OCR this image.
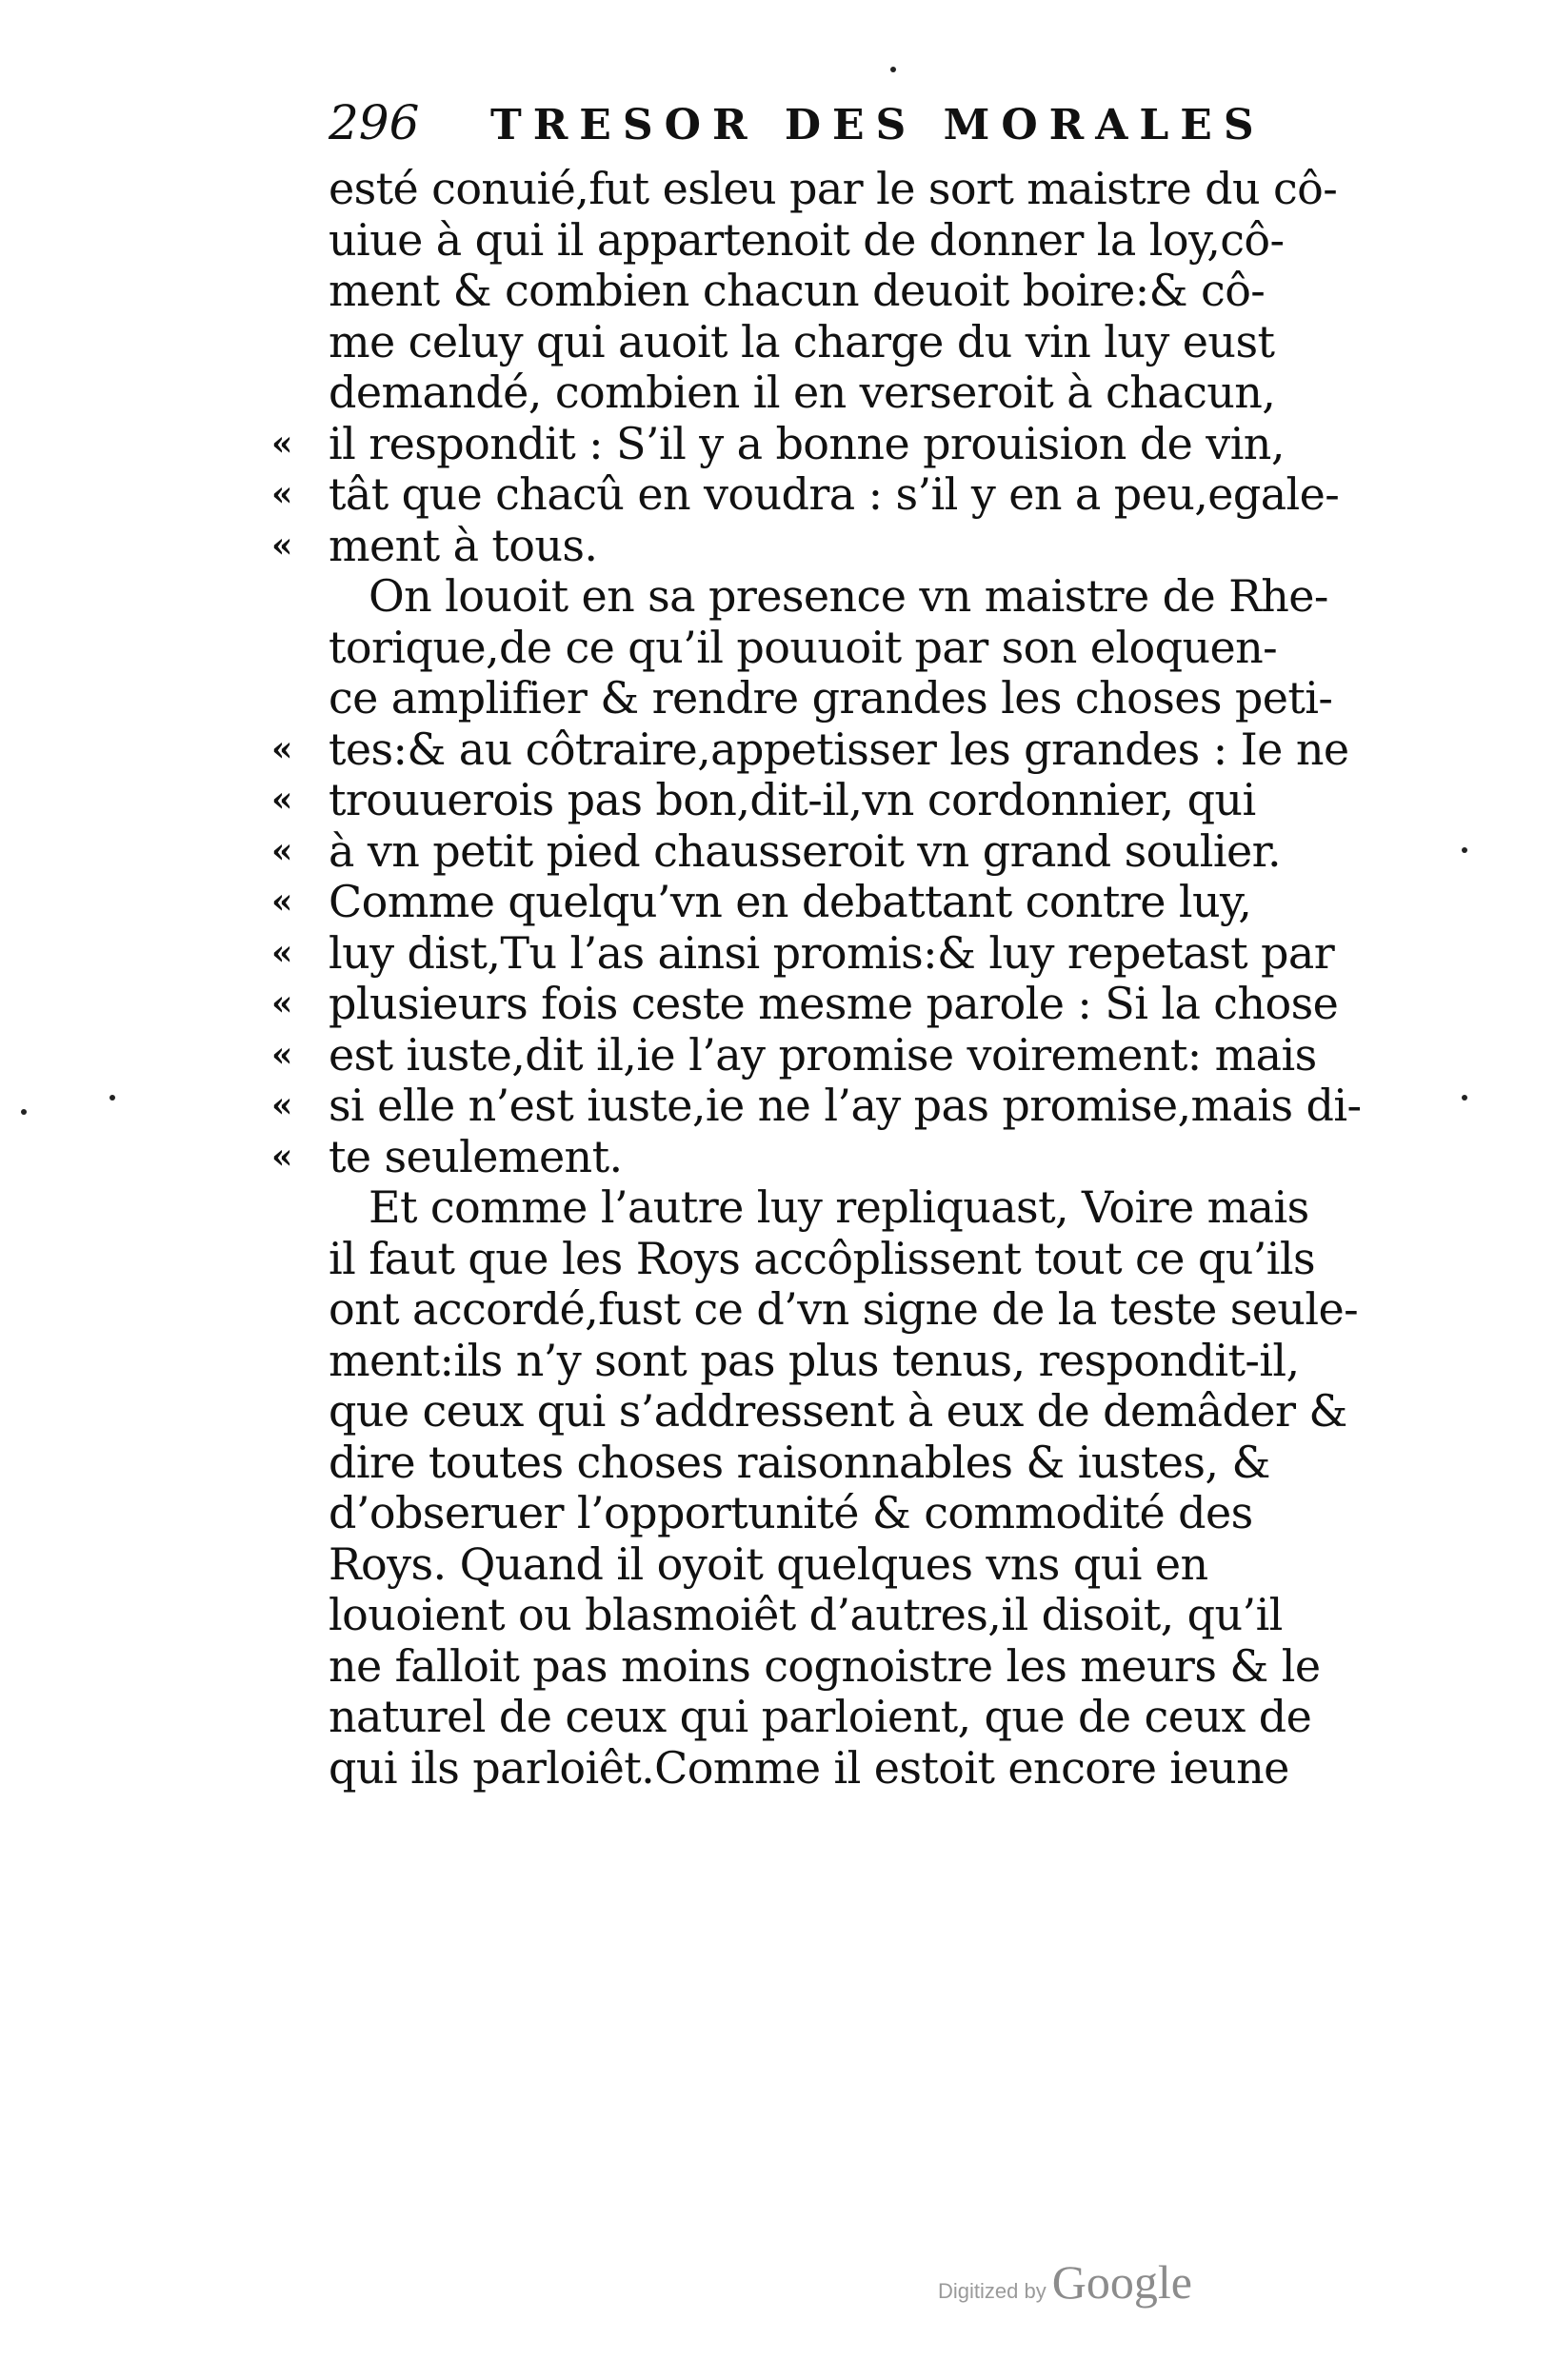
296	TRESOR DES MORALES
esté conuié,fut esleu par le sort maistre du cô-
uiue à qui il appartenoit de donner la loy,cô-
ment & combien chacun deuoit boire:& cô-
me celuy qui auoit la charge du vin luy eust
demandé, combien il en verseroit à chacun,
« il respondit : S’il y a bonne prouision de vin,
« tât que chacû en voudra : s’il y en a peu,egale-
« ment à tous.
On louoit en sa presence vn maistre de Rhe-
torique,de ce qu’il pouuoit par son eloquen-
ce amplifier & rendre grandes les choses peti-
« tes:& au côtraire,appetisser les grandes : Ie ne
« trouuerois pas bon,dit-il,vn cordonnier, qui
« à vn petit pied chausseroit vn grand soulier.
« Comme quelqu’vn en debattant contre luy,
« luy dist,Tu l’as ainsi promis:& luy repetast par
« plusieurs fois ceste mesme parole : Si la chose
« est iuste,dit il,ie l’ay promise voirement: mais
« si elle n’est iuste,ie ne l’ay pas promise,mais di-
« te seulement.
Et comme l’autre luy repliquast, Voire mais
il faut que les Roys accôplissent tout ce qu’ils
ont accordé,fust ce d’vn signe de la teste seule-
ment:ils n’y sont pas plus tenus, respondit-il,
que ceux qui s’addressent à eux de demâder &
dire toutes choses raisonnables & iustes, &
d’obseruer l’opportunité & commodité des
Roys. Quand il oyoit quelques vns qui en
louoient ou blasmoiêt d’autres,il disoit, qu’il
ne falloit pas moins cognoistre les meurs & le
naturel de ceux qui parloient, que de ceux de
qui ils parloiêt.Comme il estoit encore ieune
Digitized by Google
